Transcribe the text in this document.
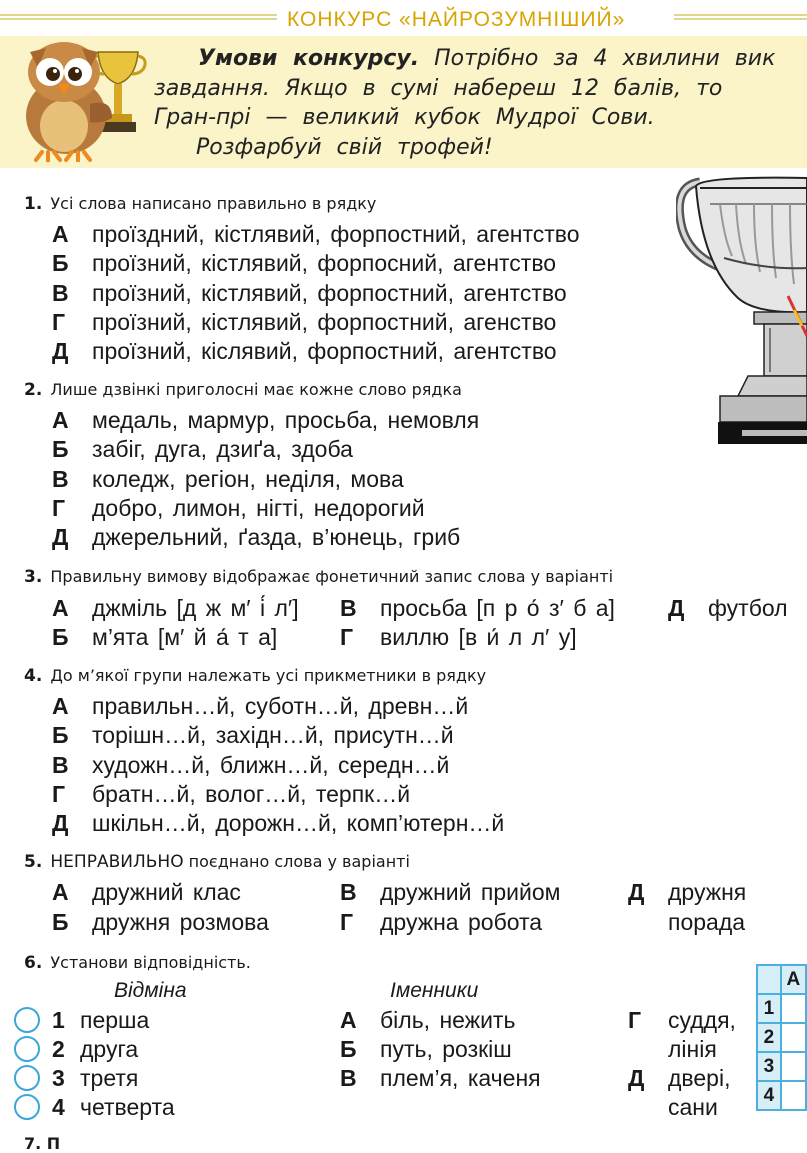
КОНКУРС «НАЙРОЗУМНІШИЙ»
Умови конкурсу. Потрібно за 4 хвилини вик
завдання. Якщо в сумі набереш 12 балів, то
Гран-прі — великий кубок Мудрої Сови.
Розфарбуй свій трофей!
1. Усі слова написано правильно в рядку
А проїздний, кістлявий, форпостний, агентство
Б проїзний, кістлявий, форпосний, агентство
В проїзний, кістлявий, форпостний, агентство
Г проїзний, кістлявий, форпостний, агенство
Д проїзний, кіслявий, форпостний, агентство
2. Лише дзвінкі приголосні має кожне слово рядка
А медаль, мармур, просьба, немовля
Б забіг, дуга, дзиґа, здоба
В коледж, регіон, неділя, мова
Г добро, лимон, нігті, недорогий
Д джерельний, ґазда, в’юнець, гриб
3. Правильну вимову відображає фонетичний запис слова у варіанті
А джміль [д ж м′ і́ л′]
Б м’ята [м′ й а́ т а]
В просьба [п р о́ з′ б а]
Г виллю [в и́ л л′ у]
Д футбол
4. До м’якої групи належать усі прикметники в рядку
А правильн…й, суботн…й, древн…й
Б торішн…й, західн…й, присутн…й
В художн…й, ближн…й, середн…й
Г братн…й, волог…й, терпк…й
Д шкільн…й, дорожн…й, комп’ютерн…й
5. НЕПРАВИЛЬНО поєднано слова у варіанті
А дружний клас
Б дружня розмова
В дружний прийом
Г дружна робота
Д дружня
порада
6. Установи відповідність.
Відміна	Іменники
1 перша
2 друга
3 третя
4 четверта
А біль, нежить
Б путь, розкіш
В плем’я, каченя
Г суддя,
лінія
Д двері,
сани
	А
1	
2	
3	
4	
7. П
